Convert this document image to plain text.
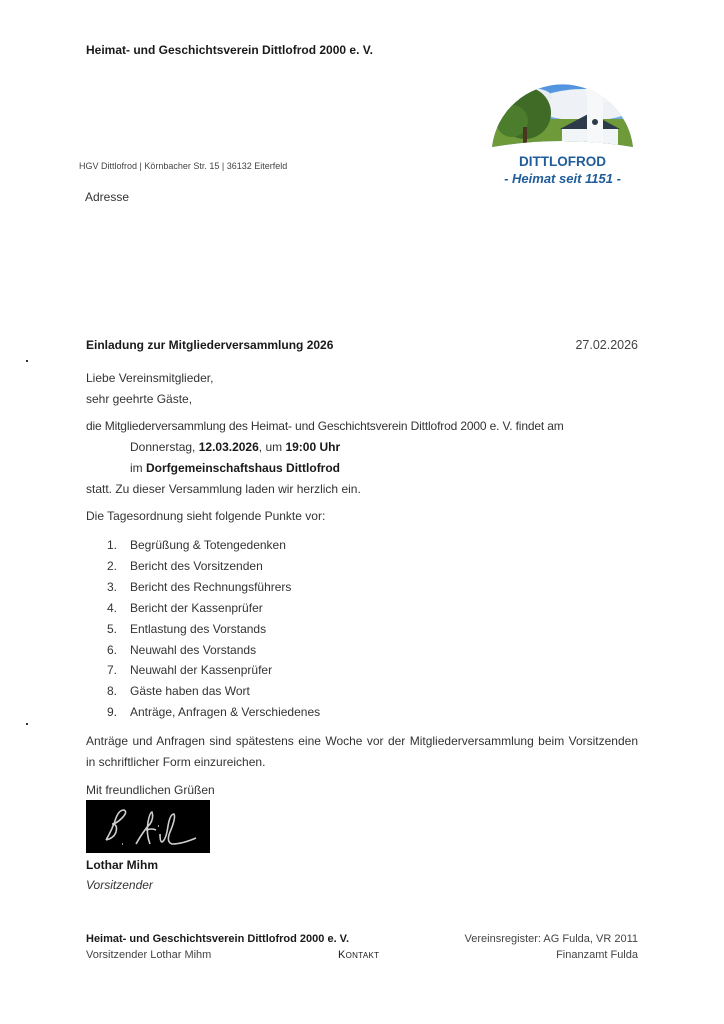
Heimat- und Geschichtsverein Dittlofrod 2000 e. V.
DITTLOFROD
- Heimat seit 1151 -
HGV Dittlofrod | Körnbacher Str. 15 | 36132 Eiterfeld
Adresse
Einladung zur Mitgliederversammlung 2026	27.02.2026
Liebe Vereinsmitglieder,
sehr geehrte Gäste,
die Mitgliederversammlung des Heimat- und Geschichtsverein Dittlofrod 2000 e. V. findet am
Donnerstag, 12.03.2026, um 19:00 Uhr
im Dorfgemeinschaftshaus Dittlofrod
statt. Zu dieser Versammlung laden wir herzlich ein.
Die Tagesordnung sieht folgende Punkte vor:
1.	Begrüßung & Totengedenken
2.	Bericht des Vorsitzenden
3.	Bericht des Rechnungsführers
4.	Bericht der Kassenprüfer
5.	Entlastung des Vorstands
6.	Neuwahl des Vorstands
7.	Neuwahl der Kassenprüfer
8.	Gäste haben das Wort
9.	Anträge, Anfragen & Verschiedenes
Anträge und Anfragen sind spätestens eine Woche vor der Mitgliederversammlung beim Vorsitzenden in schriftlicher Form einzureichen.
Mit freundlichen Grüßen
Lothar Mihm
Vorsitzender
Heimat- und Geschichtsverein Dittlofrod 2000 e. V.
Vorsitzender Lothar Mihm	Kontakt
Vereinsregister: AG Fulda, VR 2011
Finanzamt Fulda
